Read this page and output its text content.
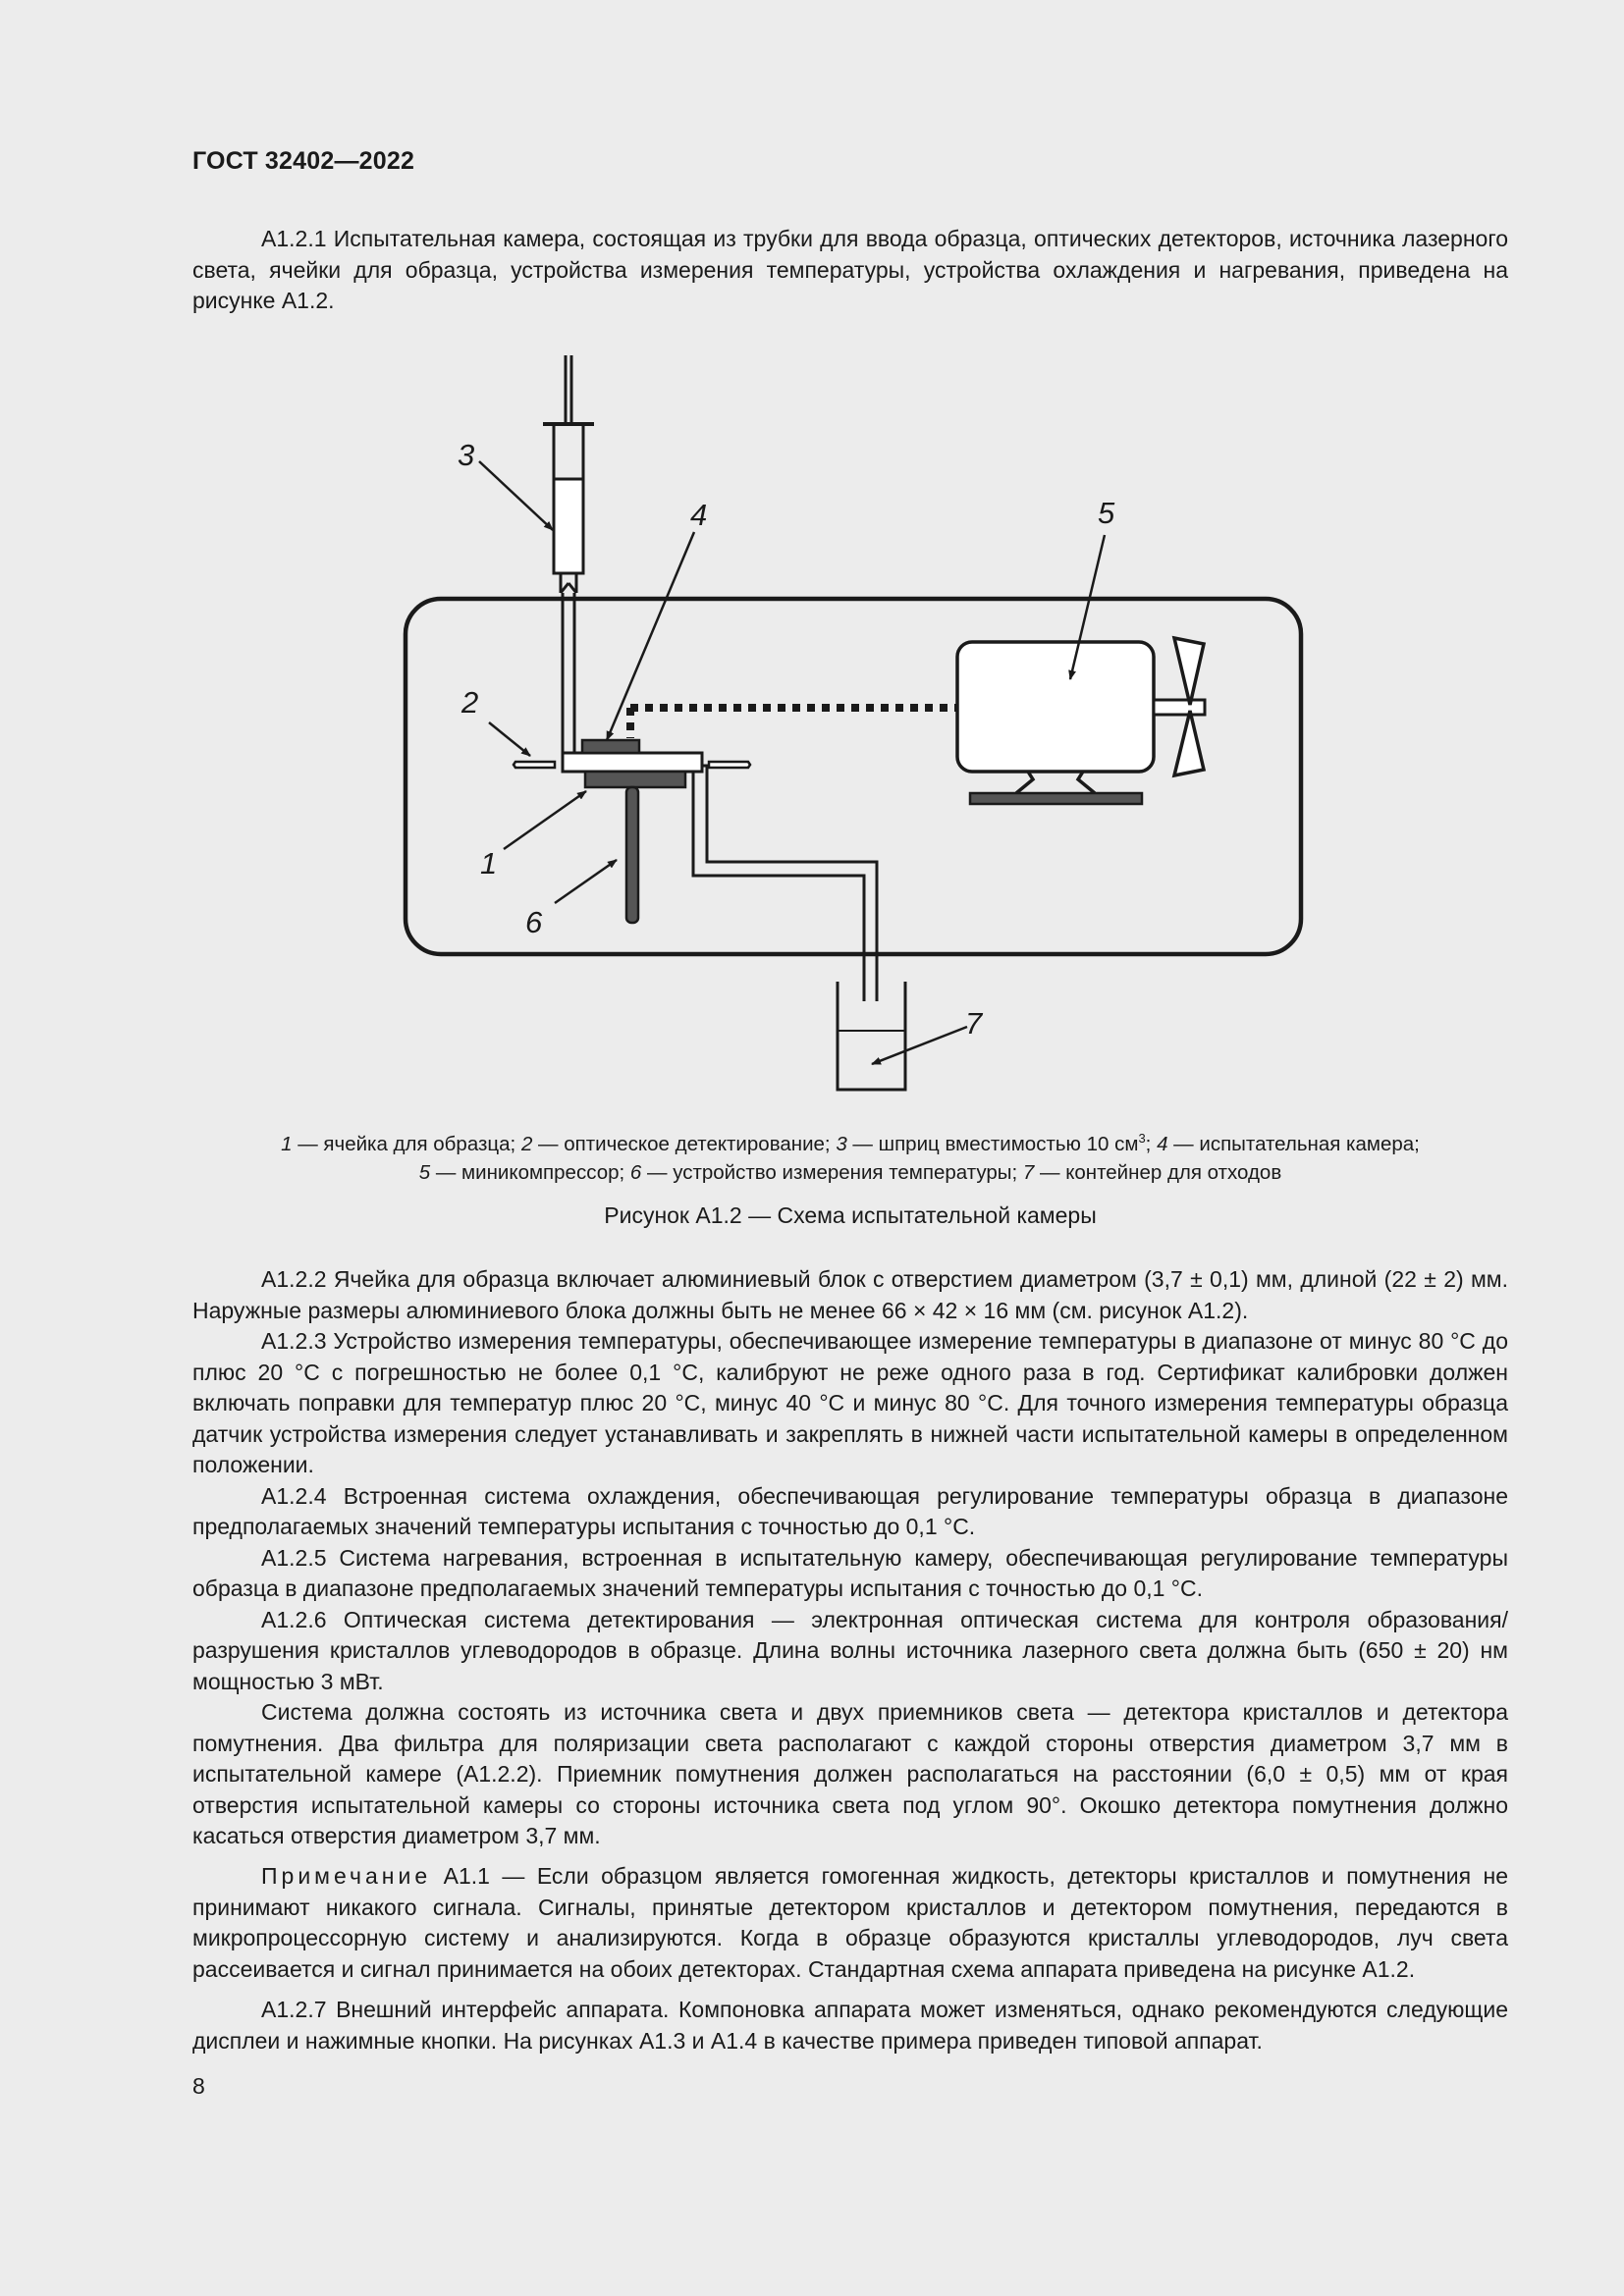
ГОСТ 32402—2022

А1.2.1 Испытательная камера, состоящая из трубки для ввода образца, оптических детекторов, источника лазерного света, ячейки для образца, устройства измерения температуры, устройства охлаждения и нагревания, приведена на рисунке А1.2.

3
4	5
2
1
6
7
1 — ячейка для образца; 2 — оптическое детектирование; 3 — шприц вместимостью 10 $см^3$; 4 — испытательная камера;
5 — миникомпрессор; 6 — устройство измерения температуры; 7 — контейнер для отходов
Рисунок А1.2 — Схема испытательной камеры

А1.2.2 Ячейка для образца включает алюминиевый блок с отверстием диаметром (3,7 ± 0,1) мм, длиной (22 ± 2) мм. Наружные размеры алюминиевого блока должны быть не менее 66 × 42 × 16 мм (см. рисунок А1.2).

А1.2.3 Устройство измерения температуры, обеспечивающее измерение температуры в диапазоне от минус 80 °C до плюс 20 °C с погрешностью не более 0,1 °C, калибруют не реже одного раза в год. Сертификат калибровки должен включать поправки для температур плюс 20 °C, минус 40 °C и минус 80 °C. Для точного измерения температуры образца датчик устройства измерения следует устанавливать и закреплять в нижней части испытательной камеры в определенном положении.

А1.2.4 Встроенная система охлаждения, обеспечивающая регулирование температуры образца в диапазоне предполагаемых значений температуры испытания с точностью до 0,1 °C.

А1.2.5 Система нагревания, встроенная в испытательную камеру, обеспечивающая регулирование температуры образца в диапазоне предполагаемых значений температуры испытания с точностью до 0,1 °C.

А1.2.6 Оптическая система детектирования — электронная оптическая система для контроля образования/разрушения кристаллов углеводородов в образце. Длина волны источника лазерного света должна быть (650 ± 20) нм мощностью 3 мВт.

Система должна состоять из источника света и двух приемников света — детектора кристаллов и детектора помутнения. Два фильтра для поляризации света располагают с каждой стороны отверстия диаметром 3,7 мм в испытательной камере (А1.2.2). Приемник помутнения должен располагаться на расстоянии (6,0 ± 0,5) мм от края отверстия испытательной камеры со стороны источника света под углом 90°. Окошко детектора помутнения должно касаться отверстия диаметром 3,7 мм.

Примечание А1.1 — Если образцом является гомогенная жидкость, детекторы кристаллов и помутнения не принимают никакого сигнала. Сигналы, принятые детектором кристаллов и детектором помутнения, передаются в микропроцессорную систему и анализируются. Когда в образце образуются кристаллы углеводородов, луч света рассеивается и сигнал принимается на обоих детекторах. Стандартная схема аппарата приведена на рисунке А1.2.

А1.2.7 Внешний интерфейс аппарата. Компоновка аппарата может изменяться, однако рекомендуются следующие дисплеи и нажимные кнопки. На рисунках А1.3 и А1.4 в качестве примера приведен типовой аппарат.

8
